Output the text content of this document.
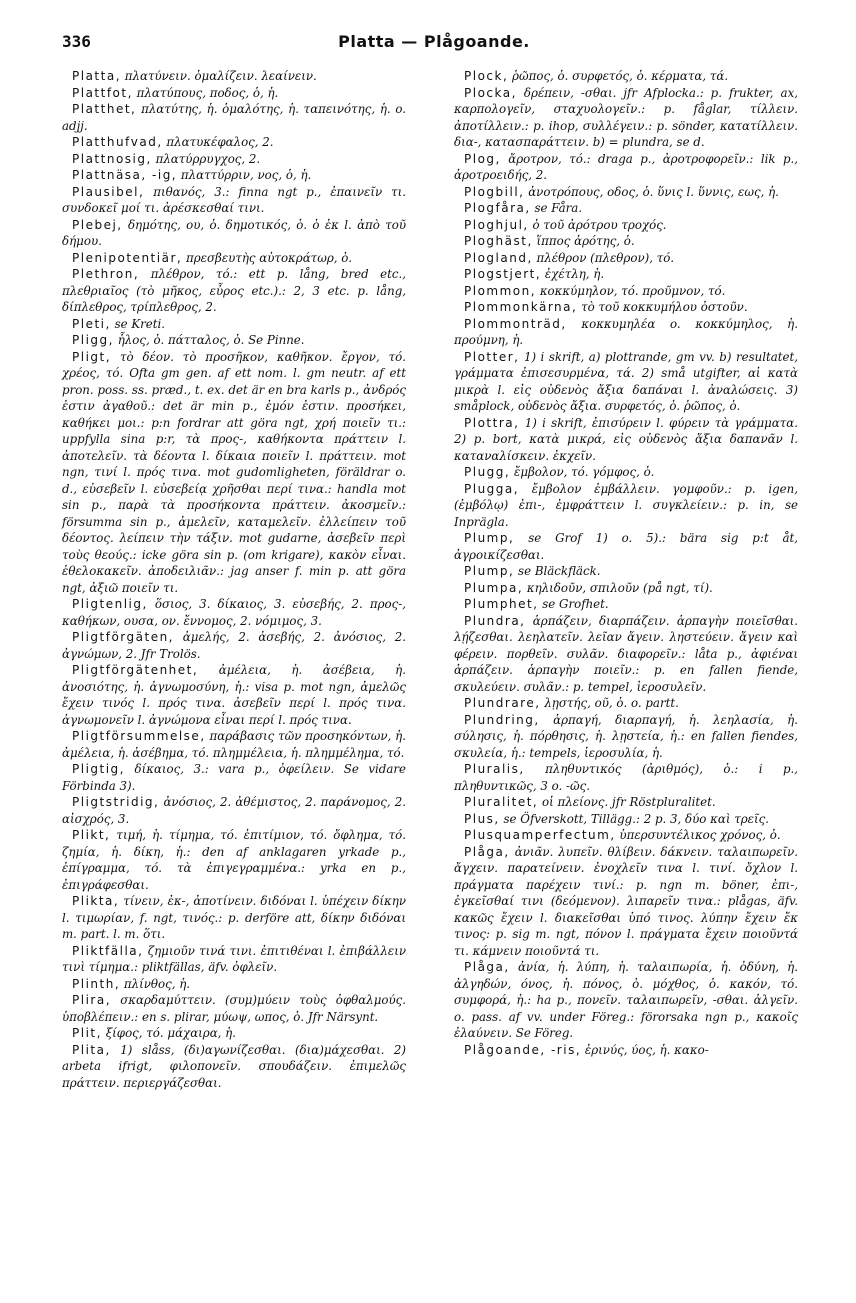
336	Platta — Plågoande.

Platta, πλατύνειν. ὁμαλίζειν. λεαίνειν.

Plattfot, πλατύπους, ποδος, ὁ, ἡ.

Platthet, πλατύτης, ἡ. ὁμαλότης, ἡ. ταπεινότης, ἡ. o. adjj.

Platthufvad, πλατυκέφαλος, 2.

Plattnosig, πλατύρρυγχος, 2.

Plattnäsa, -ig, πλαττύρριν, νος, ὁ, ἡ.

Plausibel, πιθανός, 3.: finna ngt p., ἐπαινεῖν τι. συνδοκεῖ μοί τι. ἀρέσκεσθαί τινι.

Plebej, δημότης, ου, ὁ. δημοτικός, ὁ. ὁ ἐκ l. ἀπὸ τοῦ δήμου.

Plenipotentiär, πρεσβευτὴς αὐτοκράτωρ, ὁ.

Plethron, πλέθρον, τό.: ett p. lång, bred etc., πλεθριαῖος (τὸ μῆκος, εὖρος etc.).: 2, 3 etc. p. lång, δίπλεθρος, τρίπλεθρος, 2.

Pleti, se Kreti.

Pligg, ἧλος, ὁ. πάτταλος, ὁ. Se Pinne.

Pligt, τὸ δέον. τὸ προσῆκον, καθῆκον. ἔργον, τό. χρέος, τό. Ofta gm gen. af ett nom. l. gm neutr. af ett pron. poss. ss. præd., t. ex. det är en bra karls p., ἀνδρός ἐστιν ἀγαθοῦ.: det är min p., ἐμόν ἐστιν. προσήκει, καθήκει μοι.: p:n fordrar att göra ngt, χρή ποιεῖν τι.: uppfylla sina p:r, τὰ προς-, καθήκοντα πράττειν l. ἀποτελεῖν. τὰ δέοντα l. δίκαια ποιεῖν l. πράττειν. mot ngn, τινί l. πρός τινα. mot gudomligheten, föräldrar o. d., εὐσεβεῖν l. εὐσεβείᾳ χρῆσθαι περί τινα.: handla mot sin p., παρὰ τὰ προσήκοντα πράττειν. ἀκοσμεῖν.: försumma sin p., ἀμελεῖν, καταμελεῖν. ἐλλείπειν τοῦ δέοντος. λείπειν τὴν τάξιν. mot gudarne, ἀσεβεῖν περὶ τοὺς θεούς.: icke göra sin p. (om krigare), κακὸν εἶναι. ἐθελοκακεῖν. ἀποδειλιᾶν.: jag anser f. min p. att göra ngt, ἀξιῶ ποιεῖν τι.

Pligtenlig, ὅσιος, 3. δίκαιος, 3. εὐσεβής, 2. προς-, καθήκων, ουσα, ον. ἔννομος, 2. νόμιμος, 3.

Pligtförgäten, ἀμελής, 2. ἀσεβής, 2. ἀνόσιος, 2. ἀγνώμων, 2. Jfr Trolös.

Pligtförgätenhet, ἀμέλεια, ἡ. ἀσέβεια, ἡ. ἀνοσιότης, ἡ. ἀγνωμοσύνη, ἡ.: visa p. mot ngn, ἀμελῶς ἔχειν τινός l. πρός τινα. ἀσεβεῖν περί l. πρός τινα. ἀγνωμονεῖν l. ἀγνώμονα εἶναι περί l. πρός τινα.

Pligtförsummelse, παράβασις τῶν προσηκόντων, ἡ. ἀμέλεια, ἡ. ἀσέβημα, τό. πλημμέλεια, ἡ. πλημμέλημα, τό.

Pligtig, δίκαιος, 3.: vara p., ὀφείλειν. Se vidare Förbinda 3).

Pligtstridig, ἀνόσιος, 2. ἀθέμιστος, 2. παράνομος, 2. αἰσχρός, 3.

Plikt, τιμή, ἡ. τίμημα, τό. ἐπιτίμιον, τό. ὄφλημα, τό. ζημία, ἡ. δίκη, ἡ.: den af anklagaren yrkade p., ἐπίγραμμα, τό. τὰ ἐπιγεγραμμένα.: yrka en p., ἐπιγράφεσθαι.

Plikta, τίνειν, ἐκ-, ἀποτίνειν. διδόναι l. ὑπέχειν δίκην l. τιμωρίαν, f. ngt, τινός.: p. derföre att, δίκην διδόναι m. part. l. m. ὅτι.

Pliktfälla, ζημιοῦν τινά τινι. ἐπιτιθέναι l. ἐπιβάλλειν τινὶ τίμημα.: pliktfällas, äfv. ὀφλεῖν.

Plinth, πλίνθος, ἡ.

Plira, σκαρδαμύττειν. (συμ)μύειν τοὺς ὀφθαλμούς. ὑποβλέπειν.: en s. plirar, μύωψ, ωπος, ὁ. Jfr Närsynt.

Plit, ξίφος, τό. μάχαιρα, ἡ.

Plita, 1) slåss, (δι)αγωνίζεσθαι. (δια)μάχεσθαι. 2) arbeta ifrigt, φιλοπονεῖν. σπουδάζειν. ἐπιμελῶς πράττειν. περιεργάζεσθαι.

Plock, ῥῶπος, ὁ. συρφετός, ὁ. κέρματα, τά.

Plocka, δρέπειν, -σθαι. jfr Afplocka.: p. frukter, ax, καρπολογεῖν, σταχυολογεῖν.: p. fåglar, τίλλειν. ἀποτίλλειν.: p. ihop, συλλέγειν.: p. sönder, κατατίλλειν. δια-, κατασπαράττειν. b) = plundra, se d.

Plog, ἄροτρον, τό.: draga p., ἀροτροφορεῖν.: lik p., ἀροτροειδής, 2.

Plogbill, ἀνοτρόπους, οδος, ὁ. ὕνις l. ὕννις, εως, ἡ.

Plogfåra, se Fåra.

Ploghjul, ὁ τοῦ ἀρότρου τροχός.

Ploghäst, ἵππος ἀρότης, ὁ.

Plogland, πλέθρον (πλεθρον), τό.

Plogstjert, ἐχέτλη, ἡ.

Plommon, κοκκύμηλον, τό. προῦμνον, τό.

Plommonkärna, τὸ τοῦ κοκκυμήλου ὀστοῦν.

Plommonträd, κοκκυμηλέα o. κοκκύμηλος, ἡ. προύμνη, ἡ.

Plotter, 1) i skrift, a) plottrande, gm vv. b) resultatet, γράμματα ἐπισεσυρμένα, τά. 2) små utgifter, αἱ κατὰ μικρὰ l. εἰς οὐδενὸς ἄξια δαπάναι l. ἀναλώσεις. 3) småplock, οὐδενὸς ἄξια. συρφετός, ὁ. ῥῶπος, ὁ.

Plottra, 1) i skrift, ἐπισύρειν l. φύρειν τὰ γράμματα. 2) p. bort, κατὰ μικρά, εἰς οὐδενὸς ἄξια δαπανᾶν l. καταναλίσκειν. ἐκχεῖν.

Plugg, ἔμβολον, τό. γόμφος, ὁ.

Plugga, ἔμβολον ἐμβάλλειν. γομφοῦν.: p. igen, (ἐμβόλῳ) ἐπι-, ἐμφράττειν l. συγκλείειν.: p. in, se Inprägla.

Plump, se Grof 1) o. 5).: bära sig p:t åt, ἀγροικίζεσθαι.

Plump, se Bläckfläck.

Plumpa, κηλιδοῦν, σπιλοῦν (på ngt, τί).

Plumphet, se Grofhet.

Plundra, ἁρπάζειν, διαρπάζειν. ἁρπαγὴν ποιεῖσθαι. λῄζεσθαι. λεηλατεῖν. λεῖαν ἄγειν. ληστεύειν. ἄγειν καὶ φέρειν. πορθεῖν. συλᾶν. διαφορεῖν.: låta p., ἀφιέναι ἁρπάζειν. ἁρπαγὴν ποιεῖν.: p. en fallen fiende, σκυλεύειν. συλᾶν.: p. tempel, ἱεροσυλεῖν.

Plundrare, λῃστής, οῦ, ὁ. o. partt.

Plundring, ἁρπαγή, διαρπαγή, ἡ. λεηλασία, ἡ. σύλησις, ἡ. πόρθησις, ἡ. λῃστεία, ἡ.: en fallen fiendes, σκυλεία, ἡ.: tempels, ἱεροσυλία, ἡ.

Pluralis, πληθυντικός (ἀριθμός), ὁ.: i p., πληθυντικῶς, 3 o. -ῶς.

Pluralitet, οἱ πλείονς. jfr Röstpluralitet.

Plus, se Öfverskott, Tillägg.: 2 p. 3, δύο καὶ τρεῖς.

Plusquamperfectum, ὑπερσυντέλικος χρόνος, ὁ.

Plåga, ἀνιᾶν. λυπεῖν. θλίβειν. δάκνειν. ταλαιπωρεῖν. ἄγχειν. παρατείνειν. ἐνοχλεῖν τινα l. τινί. ὄχλον l. πράγματα παρέχειν τινί.: p. ngn m. böner, ἐπι-, ἐγκεῖσθαί τινι (δεόμενον). λιπαρεῖν τινα.: plågas, äfv. κακῶς ἔχειν l. διακεῖσθαι ὑπό τινος. λύπην ἔχειν ἔκ τινος: p. sig m. ngt, πόνον l. πράγματα ἔχειν ποιοῦντά τι. κάμνειν ποιοῦντά τι.

Plåga, ἀνία, ἡ. λύπη, ἡ. ταλαιπωρία, ἡ. ὀδύνη, ἡ. ἀλγηδών, όνος, ἡ. πόνος, ὁ. μόχθος, ὁ. κακόν, τό. συμφορά, ἡ.: ha p., πονεῖν. ταλαιπωρεῖν, -σθαι. ἀλγεῖν. o. pass. af vv. under Föreg.: förorsaka ngn p., κακοῖς ἐλαύνειν. Se Föreg.

Plågoande, -ris, ἐρινύς, ύος, ἡ. κακο-
